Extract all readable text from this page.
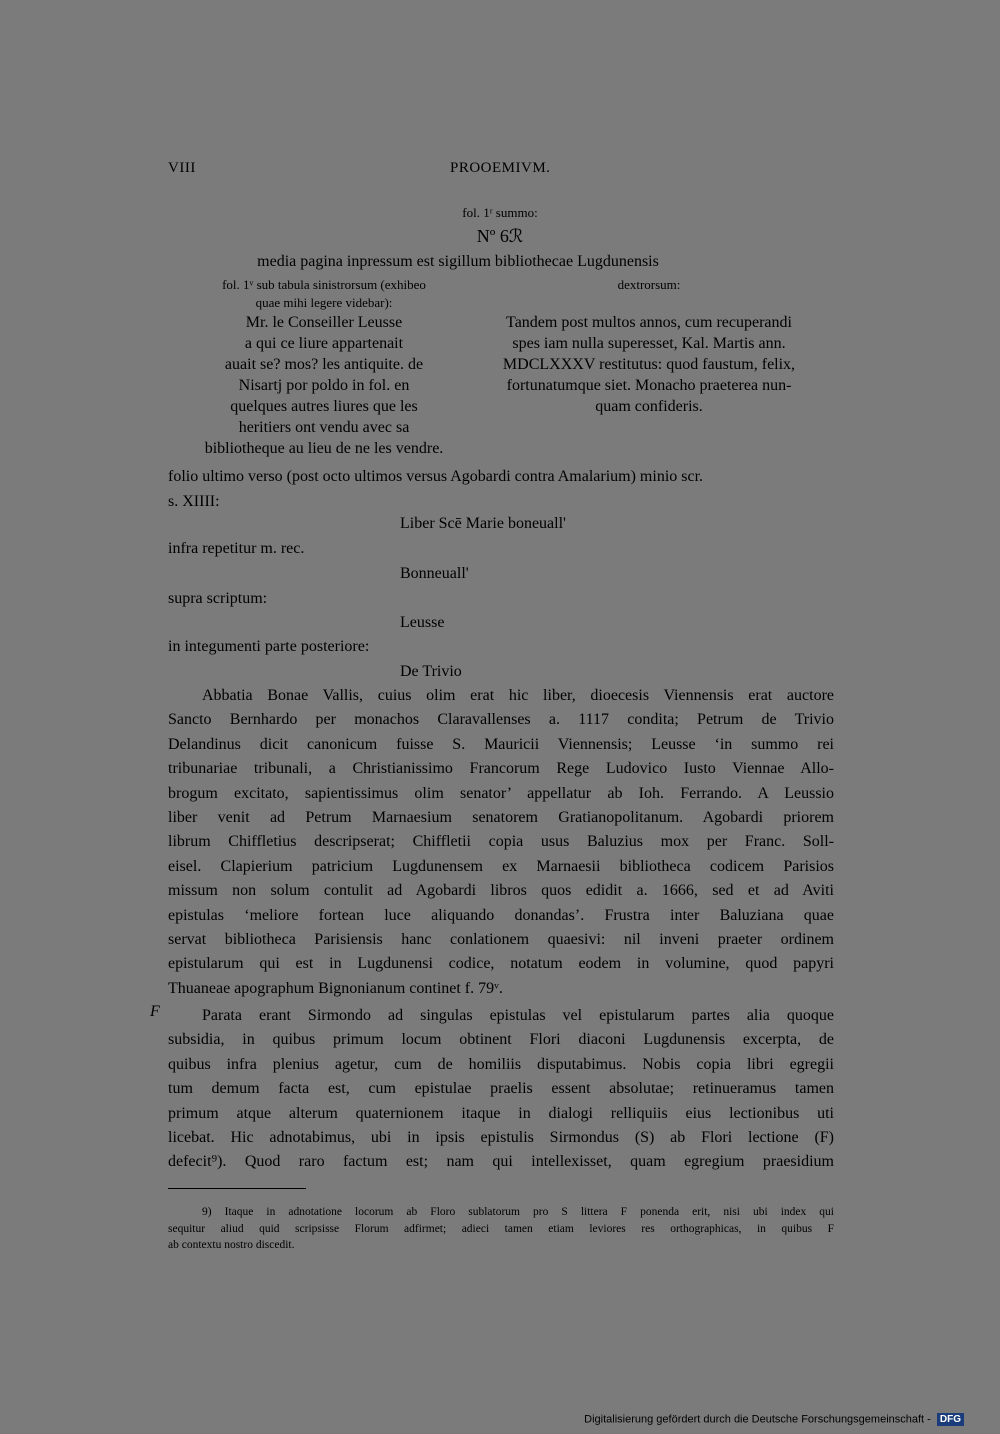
VIII	PROOEMIVM.
fol. 1ʳ summo:
Nº 6ℛ
media pagina inpressum est sigillum bibliothecae Lugdunensis
fol. 1ᵛ sub tabula sinistrorsum (exhibeo
quae mihi legere videbar):
Mr. le Conseiller Leusse
a qui ce liure appartenait
auait se? mos? les antiquite. de
Nisartj por poldo in fol. en
quelques autres liures que les
heritiers ont vendu avec sa
bibliotheque au lieu de ne les vendre.
dextrorsum:
Tandem post multos annos, cum recuperandi
spes iam nulla superesset, Kal. Martis ann.
MDCLXXXV restitutus: quod faustum, felix,
fortunatumque siet. Monacho praeterea nun-
quam confideris.
folio ultimo verso (post octo ultimos versus Agobardi contra Amalarium) minio scr.
s. XIIII:
Liber Scē Marie boneuall'
infra repetitur m. rec.
Bonneuall'
supra scriptum:
Leusse
in integumenti parte posteriore:
De Trivio
Abbatia Bonae Vallis, cuius olim erat hic liber, dioecesis Viennensis erat auctore
Sancto Bernhardo per monachos Claravallenses a. 1117 condita; Petrum de Trivio
Delandinus dicit canonicum fuisse S. Mauricii Viennensis; Leusse ‘in summo rei
tribunariae tribunali, a Christianissimo Francorum Rege Ludovico Iusto Viennae Allo-
brogum excitato, sapientissimus olim senator’ appellatur ab Ioh. Ferrando. A Leussio
liber venit ad Petrum Marnaesium senatorem Gratianopolitanum. Agobardi priorem
librum Chiffletius descripserat; Chiffletii copia usus Baluzius mox per Franc. Soll-
eisel. Clapierium patricium Lugdunensem ex Marnaesii bibliotheca codicem Parisios
missum non solum contulit ad Agobardi libros quos edidit a. 1666, sed et ad Aviti
epistulas ‘meliore fortean luce aliquando donandas’. Frustra inter Baluziana quae
servat bibliotheca Parisiensis hanc conlationem quaesivi: nil inveni praeter ordinem
epistularum qui est in Lugdunensi codice, notatum eodem in volumine, quod papyri
Thuaneae apographum Bignonianum continet f. 79ᵛ.
F	Parata erant Sirmondo ad singulas epistulas vel epistularum partes alia quoque
subsidia, in quibus primum locum obtinent Flori diaconi Lugdunensis excerpta, de
quibus infra plenius agetur, cum de homiliis disputabimus. Nobis copia libri egregii
tum demum facta est, cum epistulae praelis essent absolutae; retinueramus tamen
primum atque alterum quaternionem itaque in dialogi relliquiis eius lectionibus uti
licebat. Hic adnotabimus, ubi in ipsis epistulis Sirmondus (S) ab Flori lectione (F)
defecit⁹). Quod raro factum est; nam qui intellexisset, quam egregium praesidium
9) Itaque in adnotatione locorum ab Floro sublatorum pro S littera F ponenda erit, nisi ubi index qui
sequitur aliud quid scripsisse Florum adfirmet; adieci tamen etiam leviores res orthographicas, in quibus F
ab contextu nostro discedit.
Digitalisierung gefördert durch die Deutsche Forschungsgemeinschaft - DFG
